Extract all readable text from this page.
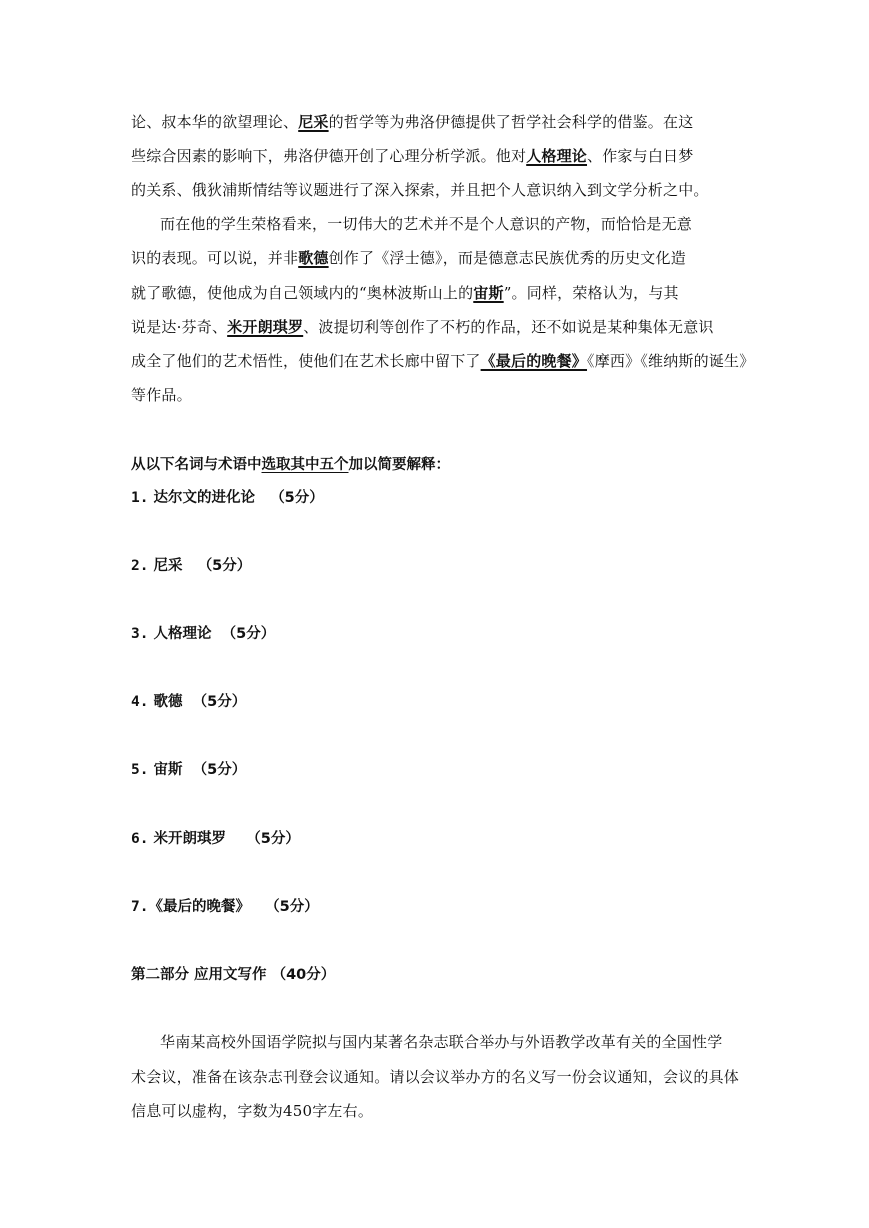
论、叔本华的欲望理论、尼采的哲学等为弗洛伊德提供了哲学社会科学的借鉴。在这
些综合因素的影响下，弗洛伊德开创了心理分析学派。他对人格理论、作家与白日梦
的关系、俄狄浦斯情结等议题进行了深入探索，并且把个人意识纳入到文学分析之中。
而在他的学生荣格看来，一切伟大的艺术并不是个人意识的产物，而恰恰是无意
识的表现。可以说，并非歌德创作了《浮士德》，而是德意志民族优秀的历史文化造
就了歌德，使他成为自己领域内的“奥林波斯山上的宙斯”。同样，荣格认为，与其
说是达·芬奇、米开朗琪罗、波提切利等创作了不朽的作品，还不如说是某种集体无意识
成全了他们的艺术悟性，使他们在艺术长廊中留下了《最后的晚餐》《摩西》《维纳斯的诞生》
等作品。
从以下名词与术语中选取其中五个加以简要解释：
1. 达尔文的进化论 （5分）
2. 尼采 （5分）
3. 人格理论 （5分）
4. 歌德 （5分）
5. 宙斯 （5分）
6. 米开朗琪罗 （5分）
7.《最后的晚餐》 （5分）
第二部分 应用文写作 （40分）
华南某高校外国语学院拟与国内某著名杂志联合举办与外语教学改革有关的全国性学
术会议，准备在该杂志刊登会议通知。请以会议举办方的名义写一份会议通知，会议的具体
信息可以虚构，字数为450字左右。
